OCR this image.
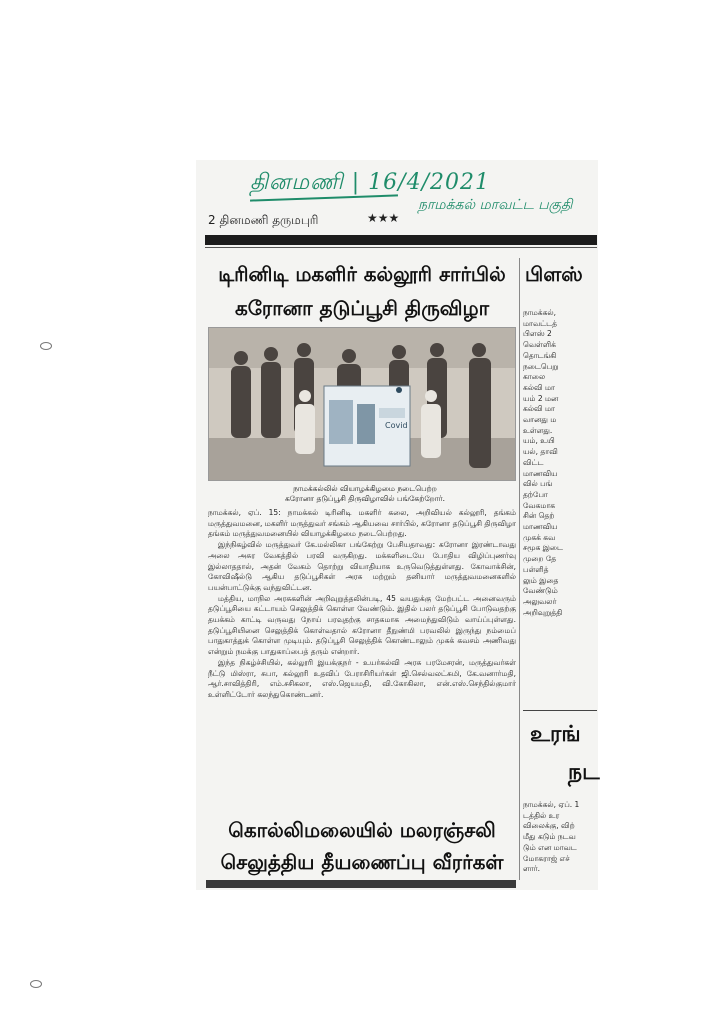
தினமணி | 16/4/2021
நாமக்கல் மாவட்ட பகுதி
2 தினமணி தருமபுரி	★★★
டிரினிடி மகளிர் கல்லூரி சார்பில்
கரோனா தடுப்பூசி திருவிழா
Covid
நாமக்கல்லில் வியாழக்கிழமை நடைபெற்ற
கரோனா தடுப்பூசி திருவிழாவில் பங்கேற்றோர்.

நாமக்கல், ஏப். 15: நாமக்கல் டிரினிடி மகளிர் கலை, அறிவியல் கல்லூரி, தங்கம் மருத்துவமனை, மகளிர் மருத்துவர் சங்கம் ஆகியவை சார்பில், கரோனா தடுப்பூசி திருவிழா தங்கம் மருத்துவமனையில் வியாழக்கிழமை நடைபெற்றது.

இந்நிகழ்வில் மருத்துவர் கே.மல்லிகா பங்கேற்று பேசியதாவது: கரோனா இரண்டாவது அலை அசுர வேகத்தில் பரவி வருகிறது. மக்களிடையே போதிய விழிப்புணர்வு இல்லாததால், அதன் வேகம் தொற்று வியாதியாக உருவெடுத்துள்ளது. கோவாக்சின், கோவிஷீல்டு ஆகிய தடுப்பூசிகள் அரசு மற்றும் தனியார் மருத்துவமனைகளில் பயன்பாட்டுக்கு வந்துவிட்டன.

மத்திய, மாநில அரசுகளின் அறிவுறுத்தலின்படி, 45 வயதுக்கு மேற்பட்ட அனைவரும் தடுப்பூசியை கட்டாயம் செலுத்திக் கொள்ள வேண்டும். இதில் பலர் தடுப்பூசி போடுவதற்கு தயக்கம் காட்டி வருவது நோய் பரவுதற்கு சாதகமாக அமைந்துவிடும் வாய்ப்புள்ளது. தடுப்பூசியினை செலுத்திக் கொள்வதால் கரோனா தீநுண்மி பரவலில் இருந்து நம்மைப் பாதுகாத்துக் கொள்ள முடியும். தடுப்பூசி செலுத்திக் கொண்டாலும் முகக் கவசம் அணிவது என்றும் நமக்கு பாதுகாப்பைத் தரும் என்றார்.

இந்த நிகழ்ச்சியில், கல்லூரி இயக்குநர் - உயர்கல்வி அரசு பரமேசரன், மருத்துவர்கள் நீட்டு மிஸ்ரா, சுபா, கல்லூரி உதவிப் பேராசிரியர்கள் ஜி.செல்வலட்சுமி, கே.வனார்மதி, ஆர்.சாவித்திரி, எம்.சசிகலா, எஸ்.ஜெயமதி, வி.கோகிலா, என்.எஸ்.செந்தில்குமார் உள்ளிட்டோர் கலந்துகொண்டனர்.

கொல்லிமலையில் மலரஞ்சலி
செலுத்திய தீயணைப்பு வீரர்கள்
பிளஸ்
நாமக்கல்,
மாவட்டத்
பிளஸ் 2
வெள்ளிக்
தொடங்கி
நடைபெறு
காலை
கல்வி மா
யம் 2 மன
கல்வி மா
வானது ம
உள்ளது.
யம், உயி
யல், தாவி
விட்ட
மாணவிய
வில் பங்
தற்போ
வேகமாக
சின் தெற்
மாணவிய
முகக் கவ
சமூக இடை
முறை தே
பள்ளித்
லும் இதை
வேண்டும்
அலுவலர்
அறிவுறுத்தி
உரங்
நட
நாமக்கல், ஏப். 1
டத்தில் உர
விலைக்கு, விற்
மீது கடும் நடவ
டும் என மாவட
மோகராஜ் எச்
ளார்.
